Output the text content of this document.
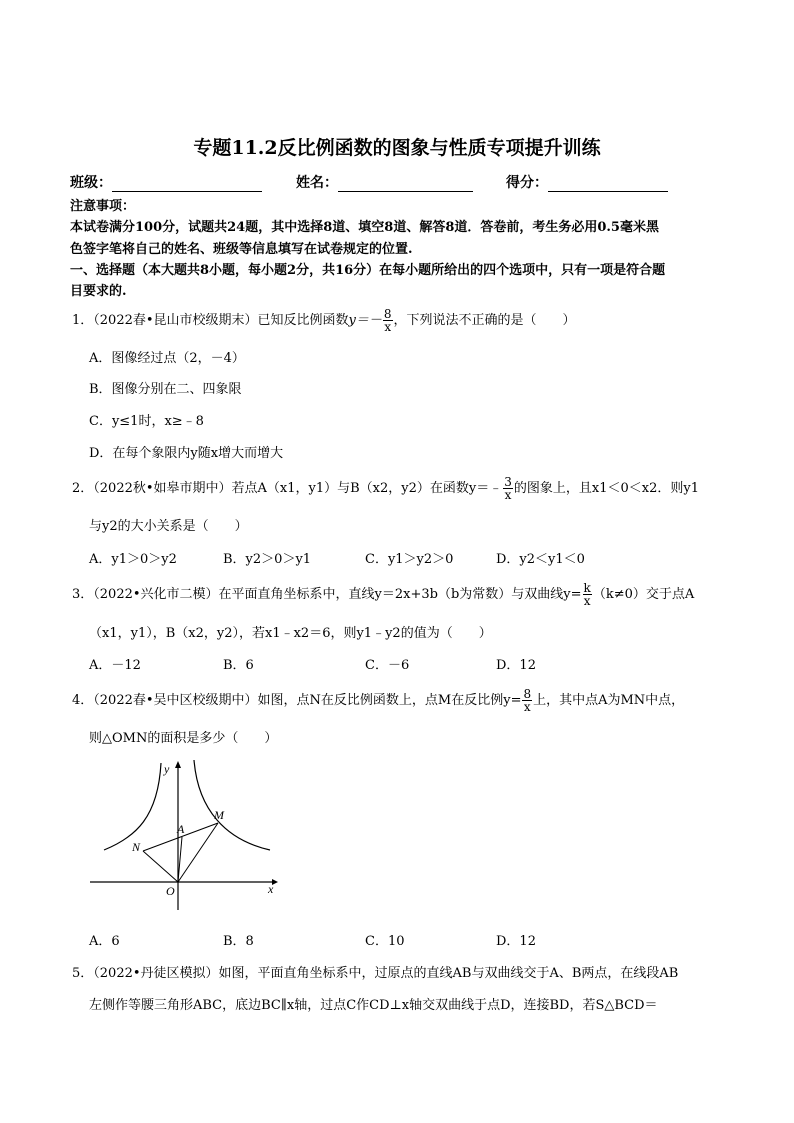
专题11.2反比例函数的图象与性质专项提升训练
班级：	姓名：	得分：
注意事项：
本试卷满分100分，试题共24题，其中选择8道、填空8道、解答8道．答卷前，考生务必用0.5毫米黑
色签字笔将自己的姓名、班级等信息填写在试卷规定的位置.
一、选择题（本大题共8小题，每小题2分，共16分）在每小题所给出的四个选项中，只有一项是符合题
目要求的.
1．（2022春•昆山市校级期末）已知反比例函数$y=- \frac{8}{x}$ ，下列说法不正确的是（　　）
A．图像经过点（2，－4）
B．图像分别在二、四象限
C．y≤1时，x≥﹣8
D．在每个象限内y随x增大而增大
2．（2022秋•如皋市期中）若点A（x1，y1）与B（x2，y2）在函数y＝﹣ $\frac{3}{x}$ 的图象上，且x1＜0＜x2．则y1
与y2的大小关系是（　　）
A．y1＞0＞y2	B．y2＞0＞y1	C．y1＞y2＞0	D．y2＜y1＜0
3．（2022•兴化市二模）在平面直角坐标系中，直线y＝2x+3b（b为常数）与双曲线$y= \frac{k}{x} (k\ne 0)$交于点A
（x1，y1），B（x2，y2），若x1﹣x2＝6，则y1﹣y2的值为（　　）
A．－12	B．6	C．－6	D．12
4．（2022春•吴中区校级期中）如图，点N在反比例函数上，点M在反比例$y= \frac{8}{x}$ 上，其中点A为MN中点，
则△OMN的面积是多少（　　）
y
x
O
A
M
N
A．6	B．8	C．10	D．12
5．（2022•丹徒区模拟）如图，平面直角坐标系中，过原点的直线AB与双曲线交于A、B两点，在线段AB
左侧作等腰三角形ABC，底边BC∥x轴，过点C作CD⊥x轴交双曲线于点D，连接BD，若S△BCD＝
